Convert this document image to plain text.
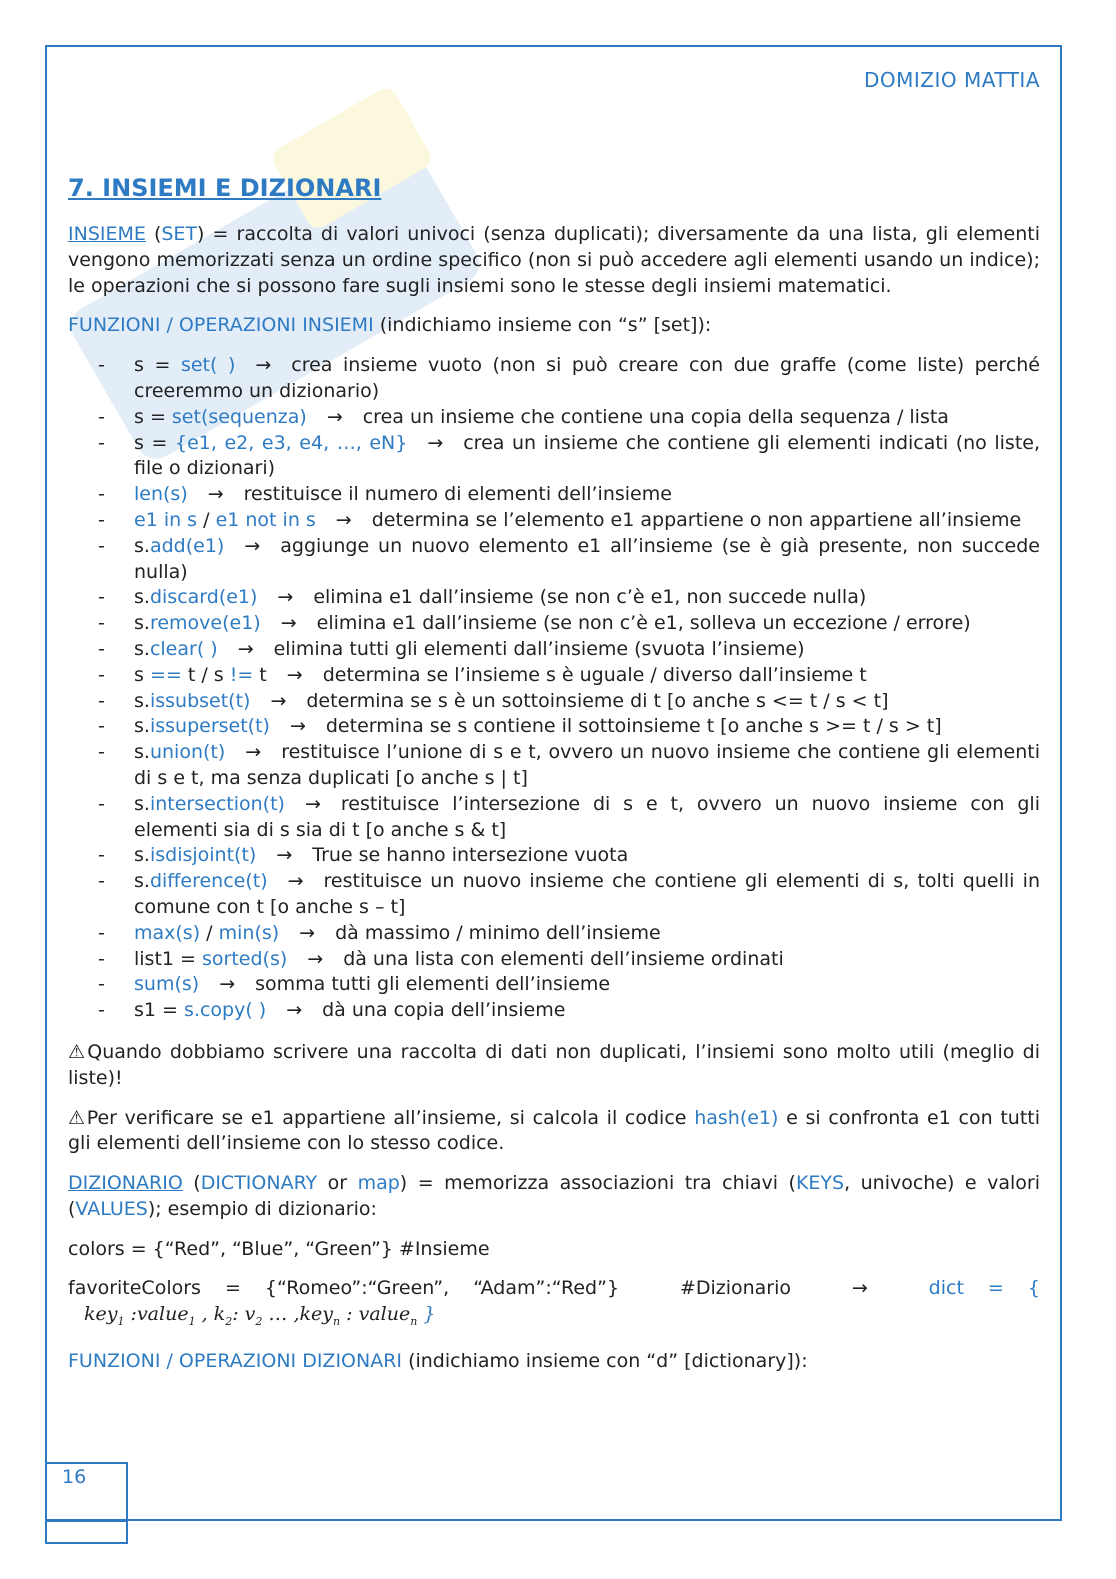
DOMIZIO MATTIA
7. INSIEMI E DIZIONARI

INSIEME (SET) = raccolta di valori univoci (senza duplicati); diversamente da una lista, gli elementi vengono memorizzati senza un ordine specifico (non si può accedere agli elementi usando un indice); le operazioni che si possono fare sugli insiemi sono le stesse degli insiemi matematici.

FUNZIONI / OPERAZIONI INSIEMI (indichiamo insieme con “s” [set]):

- s = set( ) → crea insieme vuoto (non si può creare con due graffe (come liste) perché creeremmo un dizionario)
- s = set(sequenza) → crea un insieme che contiene una copia della sequenza / lista
- s = {e1, e2, e3, e4, …, eN} → crea un insieme che contiene gli elementi indicati (no liste, file o dizionari)
- len(s) → restituisce il numero di elementi dell’insieme
- e1 in s / e1 not in s → determina se l’elemento e1 appartiene o non appartiene all’insieme
- s.add(e1) → aggiunge un nuovo elemento e1 all’insieme (se è già presente, non succede nulla)
- s.discard(e1) → elimina e1 dall’insieme (se non c’è e1, non succede nulla)
- s.remove(e1) → elimina e1 dall’insieme (se non c’è e1, solleva un eccezione / errore)
- s.clear( ) → elimina tutti gli elementi dall’insieme (svuota l’insieme)
- s == t / s != t → determina se l’insieme s è uguale / diverso dall’insieme t
- s.issubset(t) → determina se s è un sottoinsieme di t [o anche s <= t / s < t]
- s.issuperset(t) → determina se s contiene il sottoinsieme t [o anche s >= t / s > t]
- s.union(t) → restituisce l’unione di s e t, ovvero un nuovo insieme che contiene gli elementi di s e t, ma senza duplicati [o anche s | t]
- s.intersection(t) → restituisce l’intersezione di s e t, ovvero un nuovo insieme con gli elementi sia di s sia di t [o anche s & t]
- s.isdisjoint(t) → True se hanno intersezione vuota
- s.difference(t) → restituisce un nuovo insieme che contiene gli elementi di s, tolti quelli in comune con t [o anche s – t]
- max(s) / min(s) → dà massimo / minimo dell’insieme
- list1 = sorted(s) → dà una lista con elementi dell’insieme ordinati
- sum(s) → somma tutti gli elementi dell’insieme
- s1 = s.copy( ) → dà una copia dell’insieme

⚠Quando dobbiamo scrivere una raccolta di dati non duplicati, l’insiemi sono molto utili (meglio di liste)!

⚠Per verificare se e1 appartiene all’insieme, si calcola il codice hash(e1) e si confronta e1 con tutti gli elementi dell’insieme con lo stesso codice.

DIZIONARIO (DICTIONARY or map) = memorizza associazioni tra chiavi (KEYS, univoche) e valori (VALUES); esempio di dizionario:

colors = {“Red”, “Blue”, “Green”} #Insieme

favoriteColors = {“Romeo”:“Green”, “Adam”:“Red”}	#Dizionario	→	dict = {
key$_1$ :value$_1$ , $k_2$: $v_2$ … ,key$_n$ : value$_n$ }

FUNZIONI / OPERAZIONI DIZIONARI (indichiamo insieme con “d” [dictionary]):

16
